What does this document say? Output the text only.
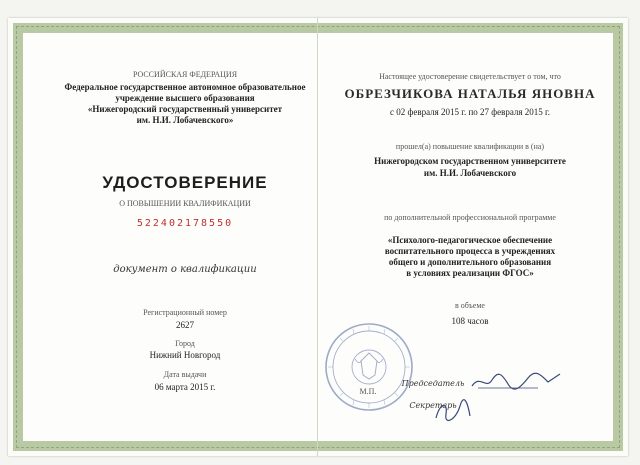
РОССИЙСКАЯ ФЕДЕРАЦИЯ
Федеральное государственное автономное образовательное
учреждение высшего образования
«Нижегородский государственный университет
им. Н.И. Лобачевского»
УДОСТОВЕРЕНИЕ
О ПОВЫШЕНИИ КВАЛИФИКАЦИИ
522402178550
документ о квалификации
Регистрационный номер
2627
Город
Нижний Новгород
Дата выдачи
06 марта 2015 г.
Настоящее удостоверение свидетельствует о том, что
ОБРЕЗЧИКОВА НАТАЛЬЯ ЯНОВНА
с 02 февраля 2015 г. по 27 февраля 2015 г.
прошел(а) повышение квалификации в (на)
Нижегородском государственном университете
им. Н.И. Лобачевского
по дополнительной профессиональной программе
«Психолого-педагогическое обеспечение
воспитательного процесса в учреждениях
общего и дополнительного образования
в условиях реализации ФГОС»
в объеме
108 часов
М.П.
Председатель
Секретарь
